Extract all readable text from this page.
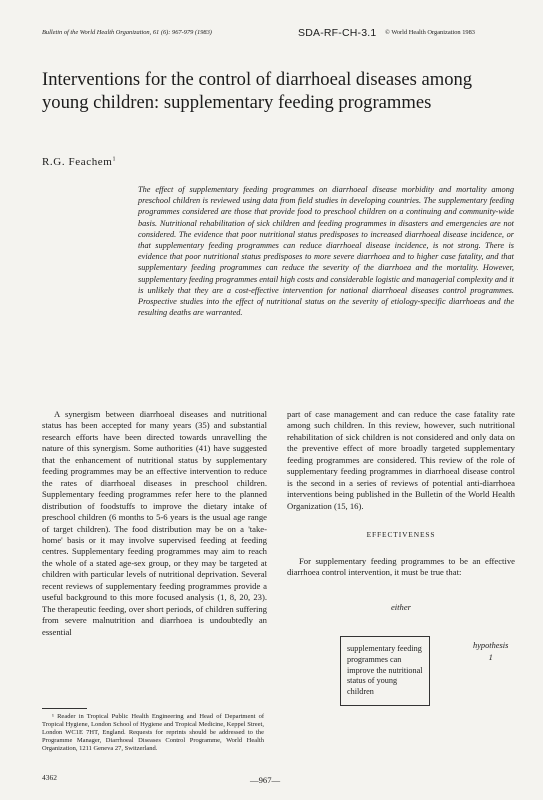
Bulletin of the World Health Organization, 61 (6): 967-979 (1983)	SDA-RF-CH-3.1 © World Health Organization 1983
Interventions for the control of diarrhoeal diseases among young children: supplementary feeding programmes
R.G. Feachem$^1$
The effect of supplementary feeding programmes on diarrhoeal disease morbidity and mortality among preschool children is reviewed using data from field studies in developing countries. The supplementary feeding programmes considered are those that provide food to preschool children on a continuing and community-wide basis. Nutritional rehabilitation of sick children and feeding programmes in disasters and emergencies are not considered. The evidence that poor nutritional status predisposes to increased diarrhoeal disease incidence, or that supplementary feeding programmes can reduce diarrhoeal disease incidence, is not strong. There is evidence that poor nutritional status predisposes to more severe diarrhoea and to higher case fatality, and that supplementary feeding programmes can reduce the severity of the diarrhoea and the mortality. However, supplementary feeding programmes entail high costs and considerable logistic and managerial complexity and it is unlikely that they are a cost-effective intervention for national diarrhoeal diseases control programmes. Prospective studies into the effect of nutritional status on the severity of etiology-specific diarrhoeas and the resulting deaths are warranted.

A synergism between diarrhoeal diseases and nutritional status has been accepted for many years (35) and substantial research efforts have been directed towards unravelling the nature of this synergism. Some authorities (41) have suggested that the enhancement of nutritional status by supplementary feeding programmes may be an effective intervention to reduce the rates of diarrhoeal diseases in preschool children. Supplementary feeding programmes refer here to the planned distribution of foodstuffs to improve the dietary intake of preschool children (6 months to 5-6 years is the usual age range of target children). The food distribution may be on a 'take-home' basis or it may involve supervised feeding at feeding centres. Supplementary feeding programmes may aim to reach the whole of a stated age-sex group, or they may be targeted at children with particular levels of nutritional deprivation. Several recent reviews of supplementary feeding programmes provide a useful background to this more focused analysis (1, 8, 20, 23). The therapeutic feeding, over short periods, of children suffering from severe malnutrition and diarrhoea is undoubtedly an essential

part of case management and can reduce the case fatality rate among such children. In this review, however, such nutritional rehabilitation of sick children is not considered and only data on the preventive effect of more broadly targeted supplementary feeding programmes are considered. This review of the role of supplementary feeding programmes in diarrhoeal disease control is the second in a series of reviews of potential anti-diarrhoea interventions being published in the Bulletin of the World Health Organization (15, 16).

EFFECTIVENESS

For supplementary feeding programmes to be an effective diarrhoea control intervention, it must be true that:

either
supplementary feeding programmes can improve the nutritional status of young children
hypothesis
1
¹ Reader in Tropical Public Health Engineering and Head of Department of Tropical Hygiene, London School of Hygiene and Tropical Medicine, Keppel Street, London WC1E 7HT, England. Requests for reprints should be addressed to the Programme Manager, Diarrhoeal Diseases Control Programme, World Health Organization, 1211 Geneva 27, Switzerland.
4362	—967—
